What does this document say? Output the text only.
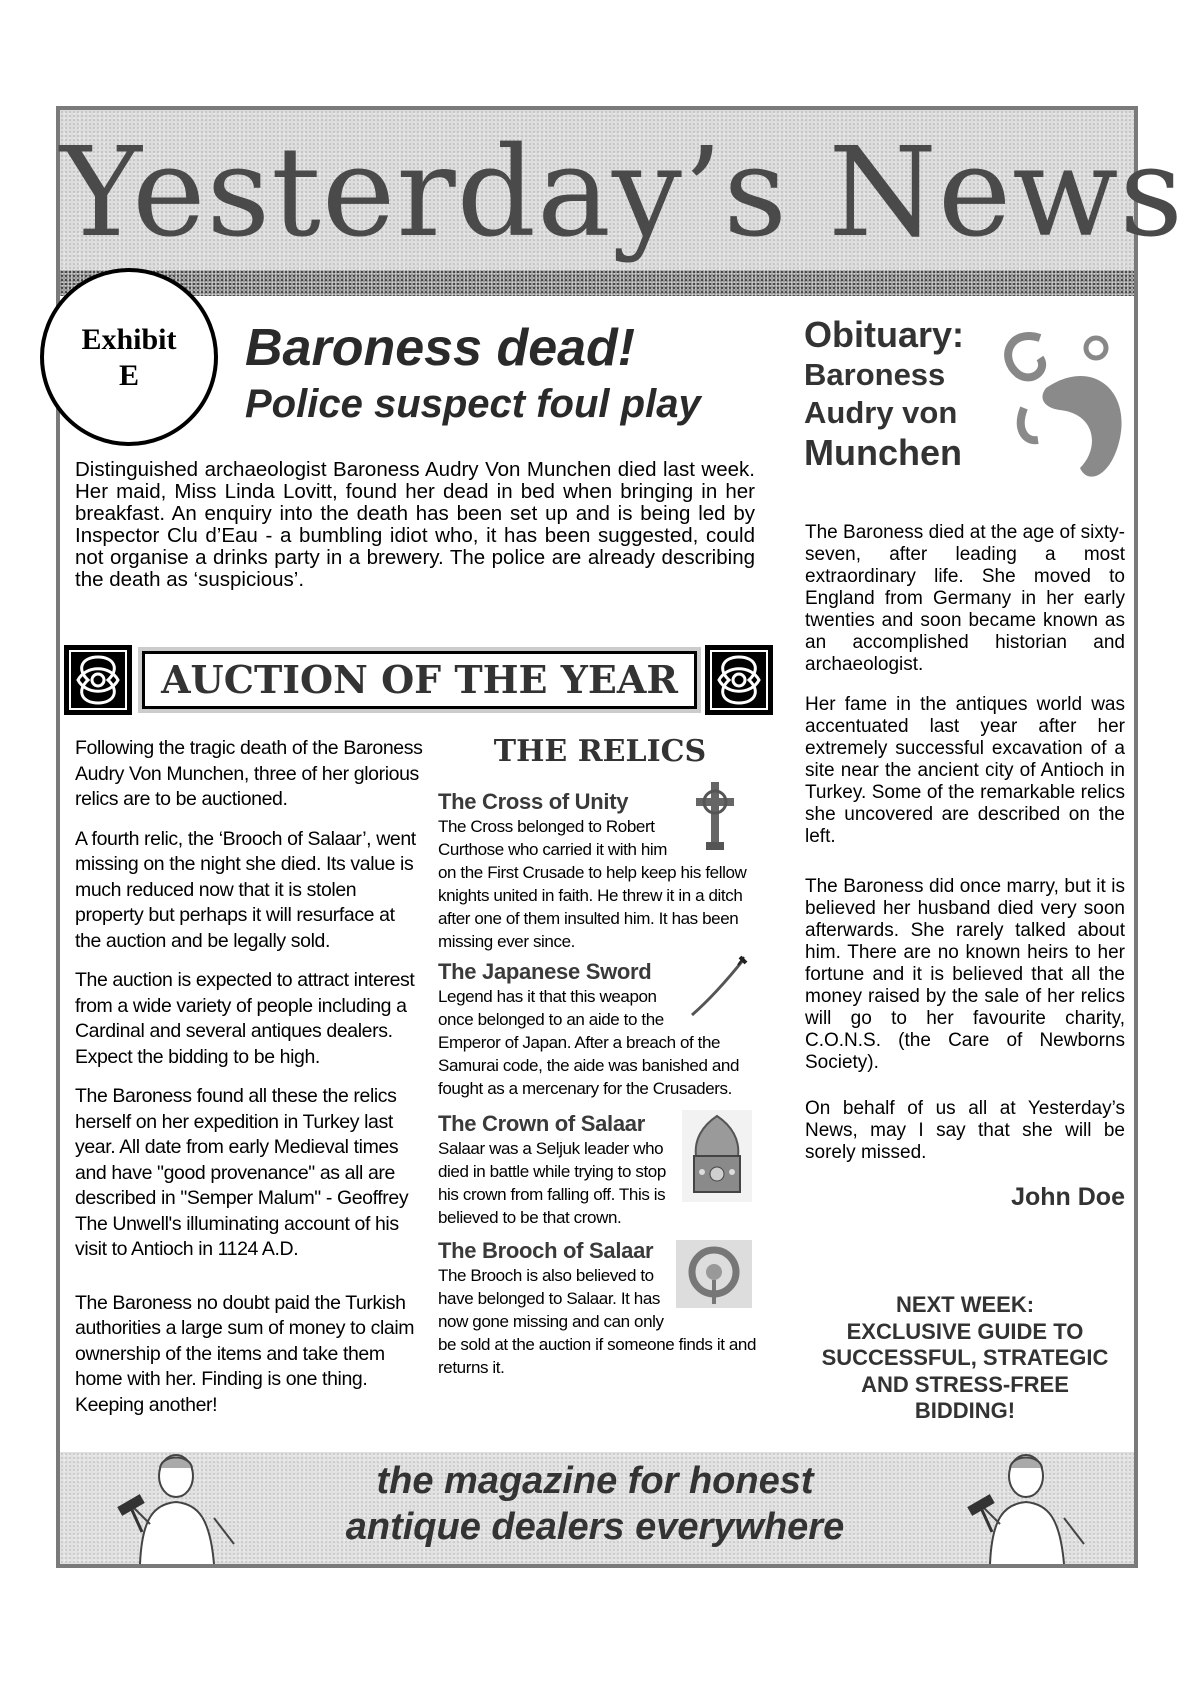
Yesterday’s News
Exhibit
E	Baroness dead!
Police suspect foul play
Distinguished archaeologist Baroness Audry Von Munchen died last week. Her maid, Miss Linda Lovitt, found her dead in bed when bringing in her breakfast. An enquiry into the death has been set up and is being led by Inspector Clu d’Eau - a bumbling idiot who, it has been suggested, could not organise a drinks party in a brewery. The police are already describing the death as ‘suspicious’.
AUCTION OF THE YEAR

Following the tragic death of the Baroness Audry Von Munchen, three of her glorious relics are to be auctioned.

A fourth relic, the ‘Brooch of Salaar’, went missing on the night she died. Its value is much reduced now that it is stolen property but perhaps it will resurface at the auction and be legally sold.

The auction is expected to attract interest from a wide variety of people including a Cardinal and several antiques dealers. Expect the bidding to be high.

The Baroness found all these the relics herself on her expedition in Turkey last year. All date from early Medieval times and have "good provenance" as all are described in "Semper Malum" - Geoffrey The Unwell's illuminating account of his visit to Antioch in 1124 A.D.

The Baroness no doubt paid the Turkish authorities a large sum of money to claim ownership of the items and take them home with her. Finding is one thing. Keeping another!

THE RELICS
The Cross of Unity

The Cross belonged to Robert Curthose who carried it with him

on the First Crusade to help keep his fellow knights united in faith. He threw it in a ditch after one of them insulted him. It has been missing ever since.

The Japanese Sword

Legend has it that this weapon once belonged to an aide to the

Emperor of Japan. After a breach of the Samurai code, the aide was banished and fought as a mercenary for the Crusaders.

The Crown of Salaar

Salaar was a Seljuk leader who died in battle while trying to stop his crown from falling off. This is believed to be that crown.

The Brooch of Salaar

The Brooch is also believed to have belonged to Salaar. It has now gone missing and can only

be sold at the auction if someone finds it and returns it.

Obituary:
Baroness
Audry von
Munchen

The Baroness died at the age of sixty-seven, after leading a most extraordinary life. She moved to England from Germany in her early twenties and soon became known as an accomplished historian and archaeologist.

Her fame in the antiques world was accentuated last year after her extremely successful excavation of a site near the ancient city of Antioch in Turkey. Some of the remarkable relics she uncovered are described on the left.

The Baroness did once marry, but it is believed her husband died very soon afterwards. She rarely talked about him. There are no known heirs to her fortune and it is believed that all the money raised by the sale of her relics will go to her favourite charity, C.O.N.S. (the Care of Newborns Society).

On behalf of us all at Yesterday’s News, may I say that she will be sorely missed.

John Doe
NEXT WEEK:
EXCLUSIVE GUIDE TO
SUCCESSFUL, STRATEGIC
AND STRESS-FREE
BIDDING!
the magazine for honest
antique dealers everywhere
